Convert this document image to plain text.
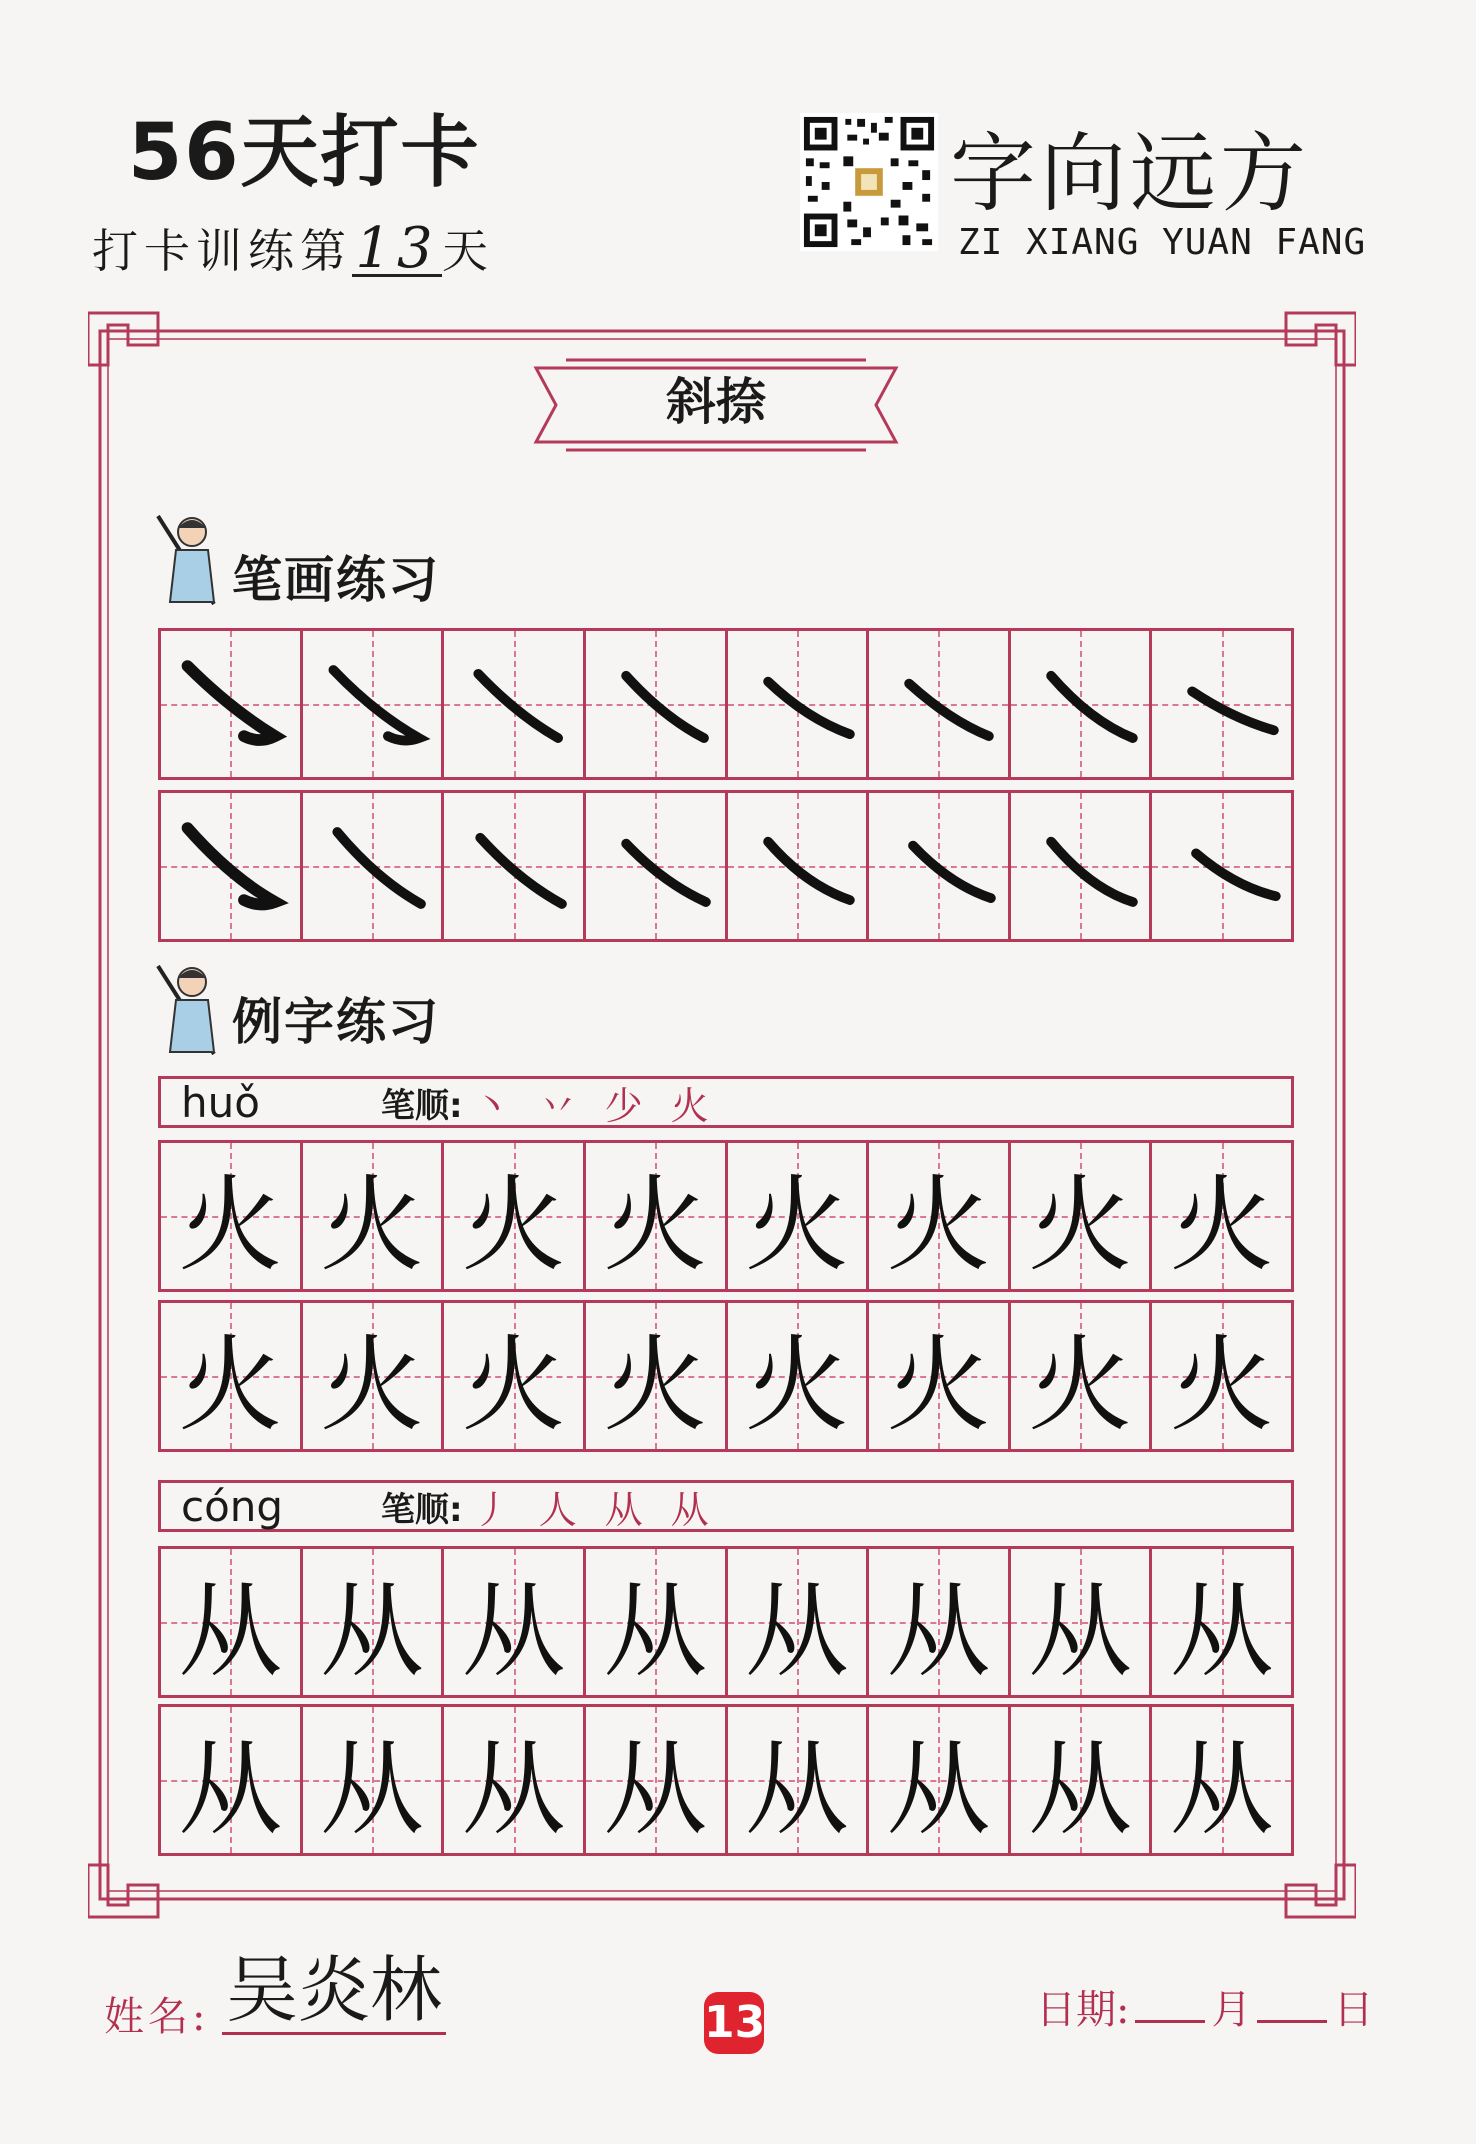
56天打卡
打卡训练第13天
字向远方
ZI XIANG YUAN FANG
斜捺
笔画练习
例字练习
huǒ	笔顺: 丶 丷 少 火
火 火 火 火 火 火 火 火
火 火 火 火 火 火 火 火
cóng	笔顺: 丿 人 从 从
从 从 从 从 从 从 从 从
从 从 从 从 从 从 从 从
姓名: 吴炎林	13	日期: 月 日
